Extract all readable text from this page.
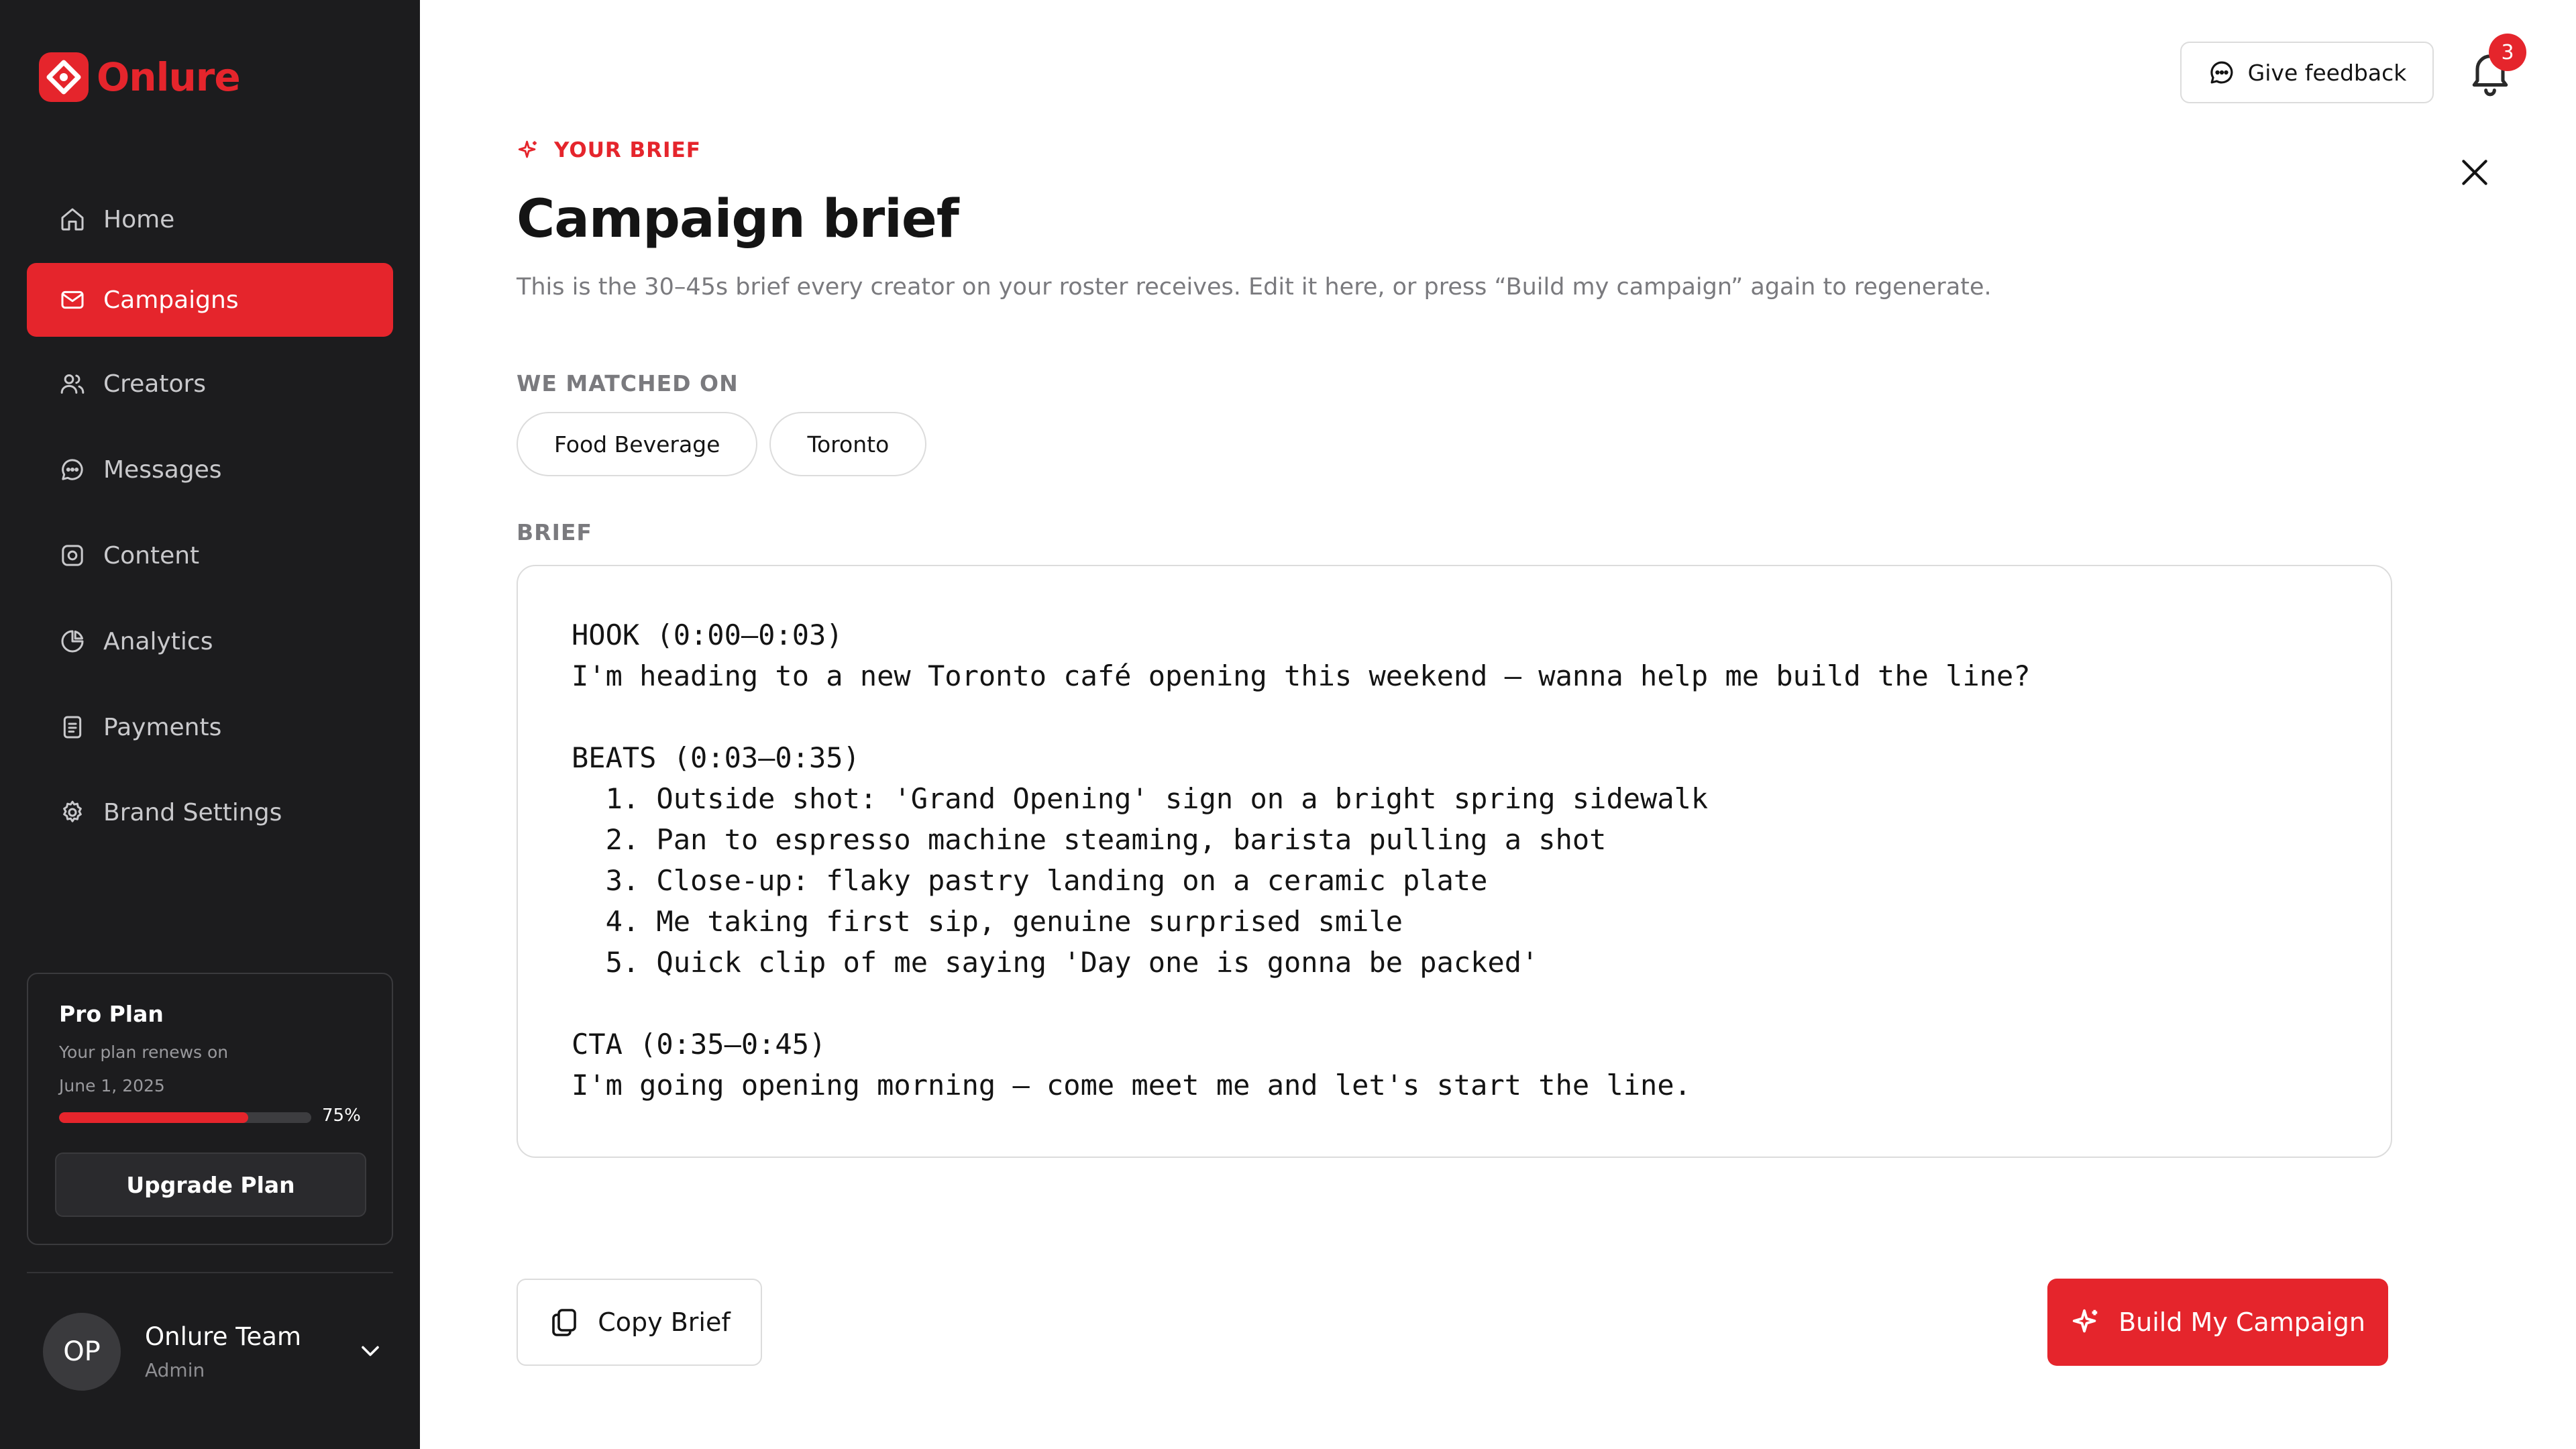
Onlure
Home
Campaigns
Creators
Messages
Content
Analytics
Payments
Brand Settings
Pro Plan
Your plan renews on June 1, 2025
75%
Upgrade Plan
OP	Onlure Team
Admin
Give feedback
3
YOUR BRIEF
Campaign brief

This is the 30–45s brief every creator on your roster receives. Edit it here, or press “Build my campaign” again to regenerate.

WE MATCHED ON
Food Beverage	Toronto
BRIEF
HOOK (0:00–0:03)
I'm heading to a new Toronto café opening this weekend – wanna help me build the line?

BEATS (0:03–0:35)
1. Outside shot: 'Grand Opening' sign on a bright spring sidewalk
2. Pan to espresso machine steaming, barista pulling a shot
3. Close-up: flaky pastry landing on a ceramic plate
4. Me taking first sip, genuine surprised smile
5. Quick clip of me saying 'Day one is gonna be packed'

CTA (0:35–0:45)
I'm going opening morning – come meet me and let's start the line.
Copy Brief	Build My Campaign
